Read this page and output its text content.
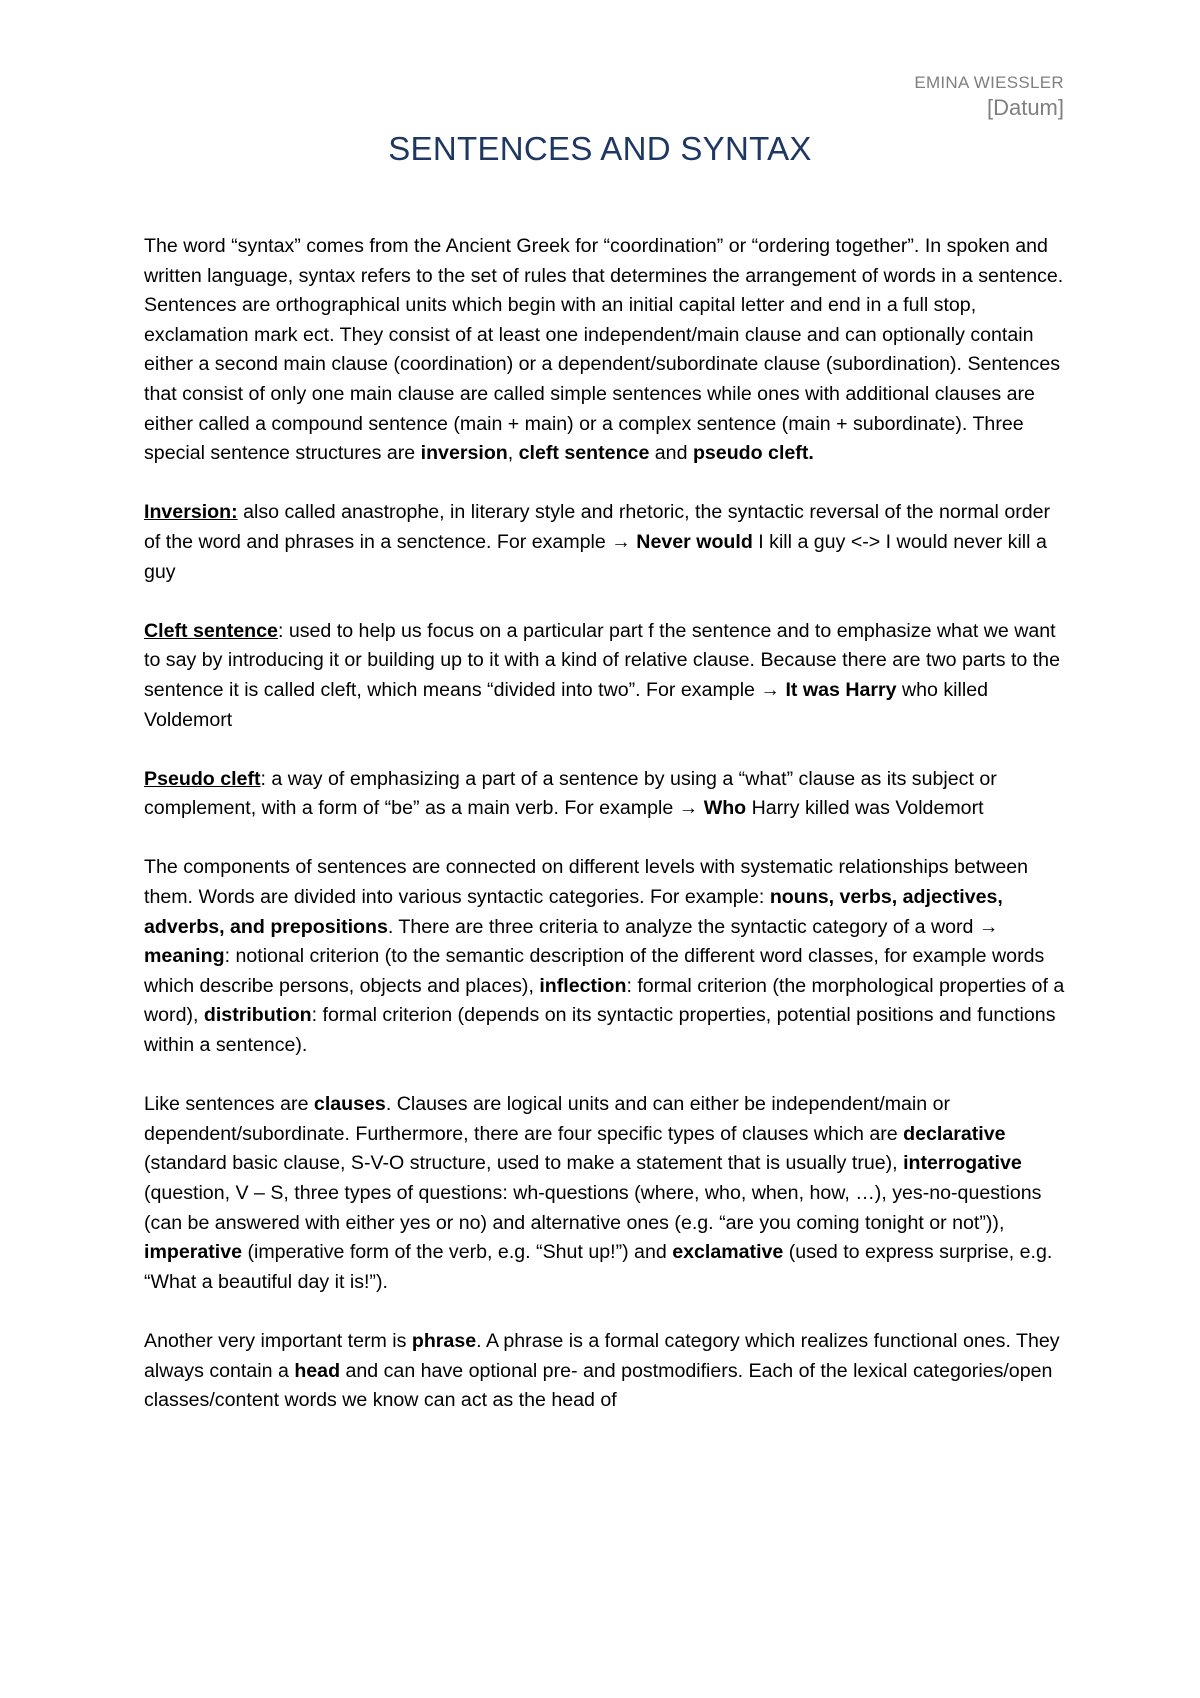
EMINA WIESSLER
[Datum]
SENTENCES AND SYNTAX

The word “syntax” comes from the Ancient Greek for “coordination” or “ordering together”. In spoken and written language, syntax refers to the set of rules that determines the arrangement of words in a sentence. Sentences are orthographical units which begin with an initial capital letter and end in a full stop, exclamation mark ect. They consist of at least one independent/main clause and can optionally contain either a second main clause (coordination) or a dependent/subordinate clause (subordination). Sentences that consist of only one main clause are called simple sentences while ones with additional clauses are either called a compound sentence (main + main) or a complex sentence (main + subordinate). Three special sentence structures are inversion, cleft sentence and pseudo cleft.

Inversion: also called anastrophe, in literary style and rhetoric, the syntactic reversal of the normal order of the word and phrases in a senctence. For example → Never would I kill a guy <-> I would never kill a guy

Cleft sentence: used to help us focus on a particular part f the sentence and to emphasize what we want to say by introducing it or building up to it with a kind of relative clause. Because there are two parts to the sentence it is called cleft, which means “divided into two”. For example → It was Harry who killed Voldemort

Pseudo cleft: a way of emphasizing a part of a sentence by using a “what” clause as its subject or complement, with a form of “be” as a main verb. For example → Who Harry killed was Voldemort

The components of sentences are connected on different levels with systematic relationships between them. Words are divided into various syntactic categories. For example: nouns, verbs, adjectives, adverbs, and prepositions. There are three criteria to analyze the syntactic category of a word → meaning: notional criterion (to the semantic description of the different word classes, for example words which describe persons, objects and places), inflection: formal criterion (the morphological properties of a word), distribution: formal criterion (depends on its syntactic properties, potential positions and functions within a sentence).

Like sentences are clauses. Clauses are logical units and can either be independent/main or dependent/subordinate. Furthermore, there are four specific types of clauses which are declarative (standard basic clause, S-V-O structure, used to make a statement that is usually true), interrogative (question, V – S, three types of questions: wh-questions (where, who, when, how, …), yes-no-questions (can be answered with either yes or no) and alternative ones (e.g. “are you coming tonight or not”)), imperative (imperative form of the verb, e.g. “Shut up!”) and exclamative (used to express surprise, e.g. “What a beautiful day it is!”).

Another very important term is phrase. A phrase is a formal category which realizes functional ones. They always contain a head and can have optional pre- and postmodifiers. Each of the lexical categories/open classes/content words we know can act as the head of
